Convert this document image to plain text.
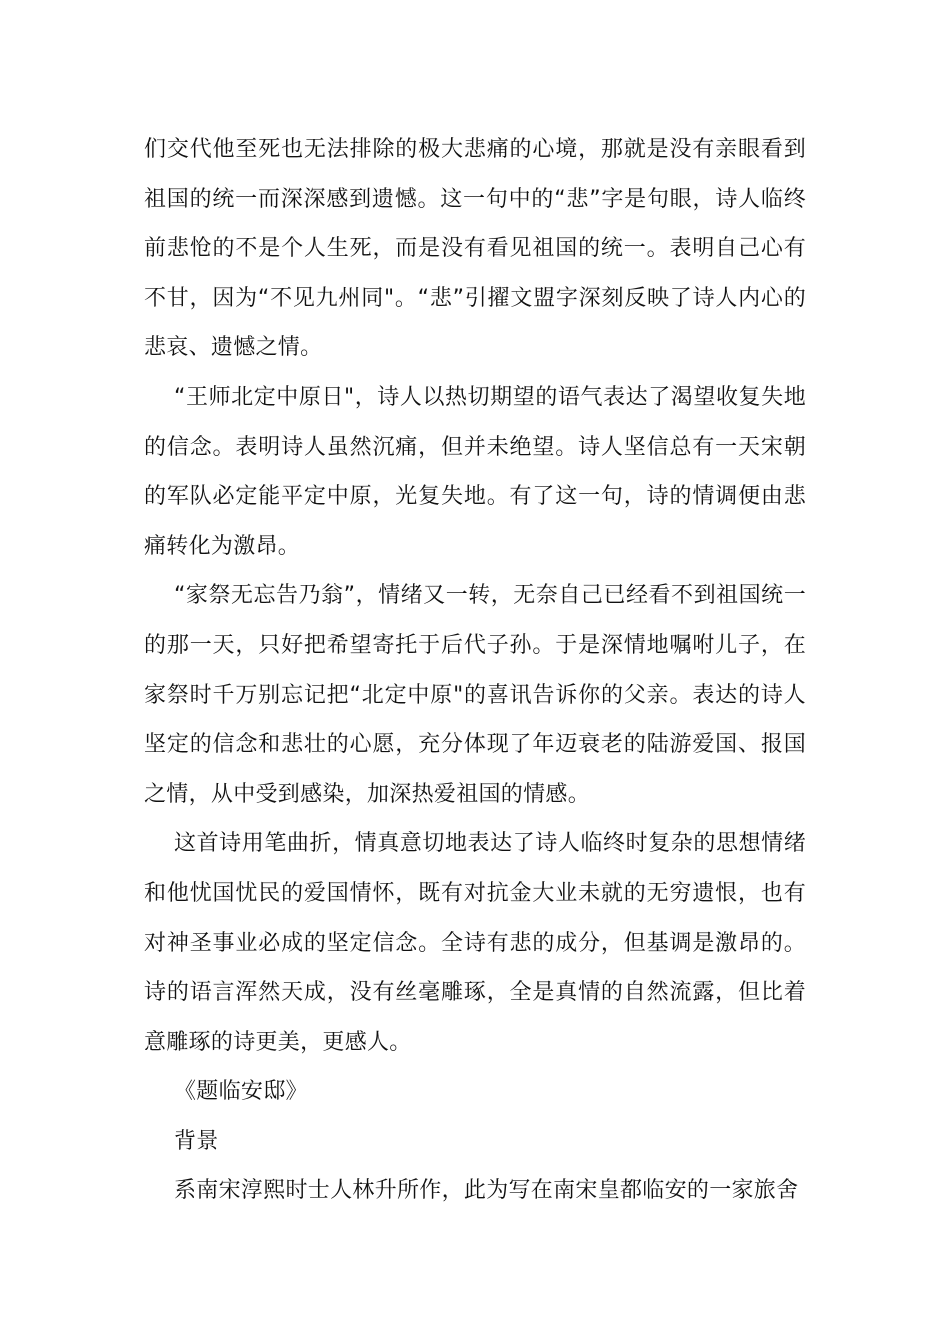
们交代他至死也无法排除的极大悲痛的心境，那就是没有亲眼看到祖国的统一而深深感到遗憾。这一句中的“悲”字是句眼，诗人临终前悲怆的不是个人生死，而是没有看见祖国的统一。表明自己心有不甘，因为“不见九州同"。“悲”引擢文盟字深刻反映了诗人内心的悲哀、遗憾之情。

“王师北定中原日"，诗人以热切期望的语气表达了渴望收复失地的信念。表明诗人虽然沉痛，但并未绝望。诗人坚信总有一天宋朝的军队必定能平定中原，光复失地。有了这一句，诗的情调便由悲痛转化为激昂。

“家祭无忘告乃翁”，情绪又一转，无奈自己已经看不到祖国统一的那一天，只好把希望寄托于后代子孙。于是深情地嘱咐儿子，在家祭时千万别忘记把“北定中原"的喜讯告诉你的父亲。表达的诗人坚定的信念和悲壮的心愿，充分体现了年迈衰老的陆游爱国、报国之情，从中受到感染，加深热爱祖国的情感。

这首诗用笔曲折，情真意切地表达了诗人临终时复杂的思想情绪和他忧国忧民的爱国情怀，既有对抗金大业未就的无穷遗恨，也有对神圣事业必成的坚定信念。全诗有悲的成分，但基调是激昂的。诗的语言浑然天成，没有丝毫雕琢，全是真情的自然流露，但比着意雕琢的诗更美，更感人。

《题临安邸》

背景

系南宋淳熙时士人林升所作，此为写在南宋皇都临安的一家旅舍
